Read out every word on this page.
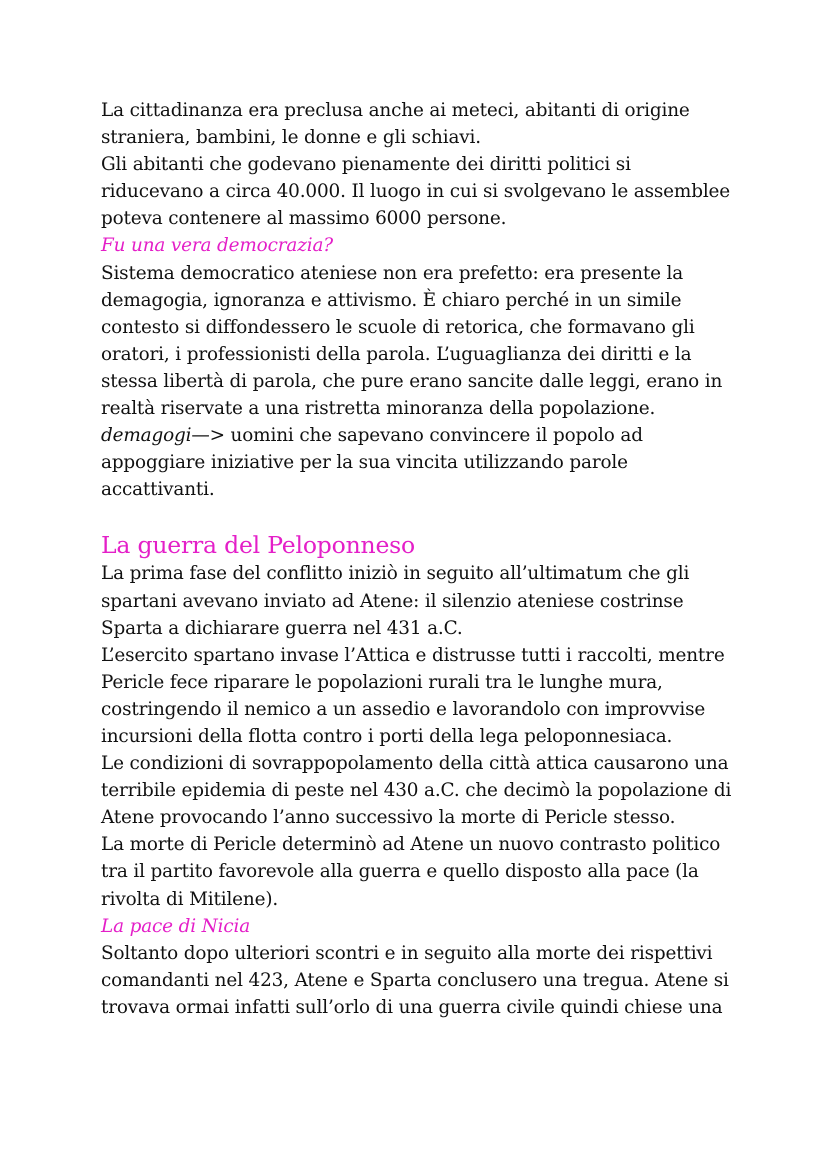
La cittadinanza era preclusa anche ai meteci, abitanti di origine

straniera, bambini, le donne e gli schiavi.

Gli abitanti che godevano pienamente dei diritti politici si

riducevano a circa 40.000. Il luogo in cui si svolgevano le assemblee

poteva contenere al massimo 6000 persone.

Fu una vera democrazia?

Sistema democratico ateniese non era prefetto: era presente la

demagogia, ignoranza e attivismo. È chiaro perché in un simile

contesto si diffondessero le scuole di retorica, che formavano gli

oratori, i professionisti della parola. L’uguaglianza dei diritti e la

stessa libertà di parola, che pure erano sancite dalle leggi, erano in

realtà riservate a una ristretta minoranza della popolazione.

demagogi—> uomini che sapevano convincere il popolo ad

appoggiare iniziative per la sua vincita utilizzando parole

accattivanti.

La guerra del Peloponneso

La prima fase del conflitto iniziò in seguito all’ultimatum che gli

spartani avevano inviato ad Atene: il silenzio ateniese costrinse

Sparta a dichiarare guerra nel 431 a.C.

L’esercito spartano invase l’Attica e distrusse tutti i raccolti, mentre

Pericle fece riparare le popolazioni rurali tra le lunghe mura,

costringendo il nemico a un assedio e lavorandolo con improvvise

incursioni della flotta contro i porti della lega peloponnesiaca.

Le condizioni di sovrappopolamento della città attica causarono una

terribile epidemia di peste nel 430 a.C. che decimò la popolazione di

Atene provocando l’anno successivo la morte di Pericle stesso.

La morte di Pericle determinò ad Atene un nuovo contrasto politico

tra il partito favorevole alla guerra e quello disposto alla pace (la

rivolta di Mitilene).

La pace di Nicia

Soltanto dopo ulteriori scontri e in seguito alla morte dei rispettivi

comandanti nel 423, Atene e Sparta conclusero una tregua. Atene si

trovava ormai infatti sull’orlo di una guerra civile quindi chiese una
